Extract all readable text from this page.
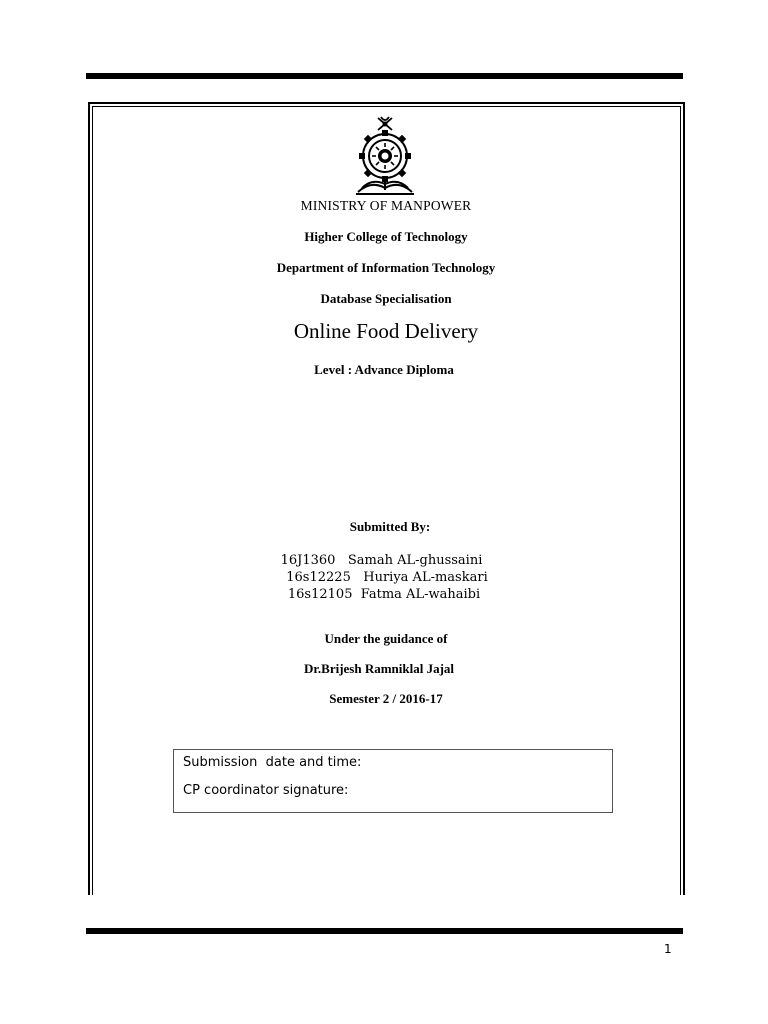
MINISTRY OF MANPOWER
Higher College of Technology
Department of Information Technology
Database Specialisation
Online Food Delivery
Level : Advance Diploma
Submitted By:
16J1360 Samah AL-ghussaini
16s12225 Huriya AL-maskari
16s12105 Fatma AL-wahaibi
Under the guidance of
Dr.Brijesh Ramniklal Jajal
Semester 2 / 2016-17
Submission  date and time:
CP coordinator signature:
1
